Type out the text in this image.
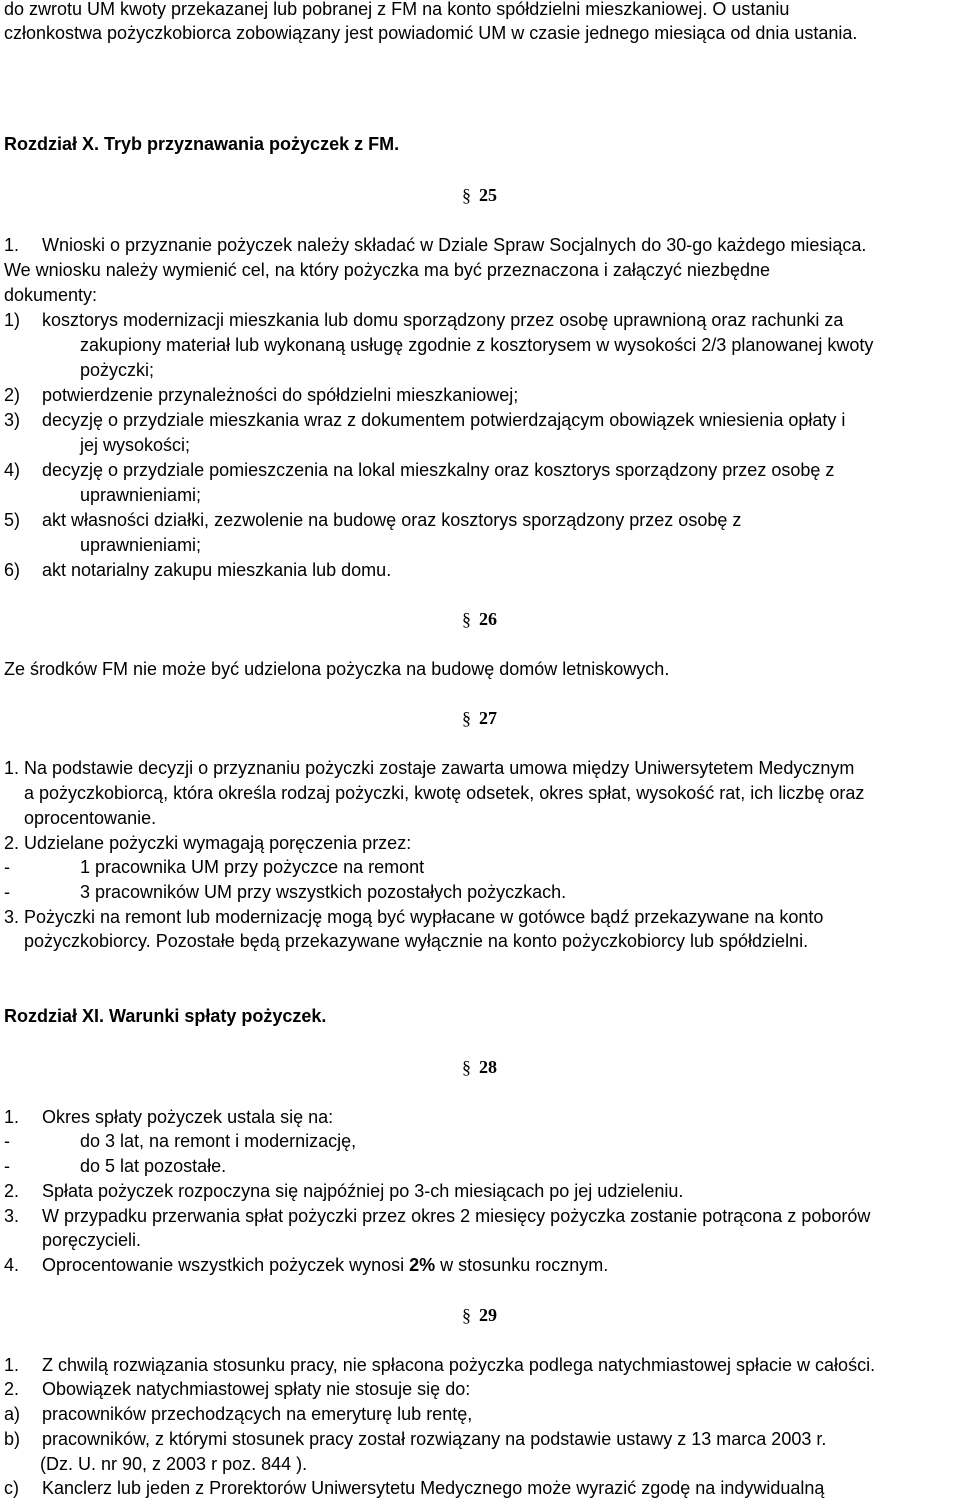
do zwrotu UM kwoty przekazanej lub pobranej z FM na konto spółdzielni mieszkaniowej. O ustaniu
członkostwa pożyczkobiorca zobowiązany jest powiadomić UM w czasie jednego miesiąca od dnia ustania.
Rozdział X. Tryb przyznawania pożyczek z FM.
§ 25
1. Wnioski o przyznanie pożyczek należy składać w Dziale Spraw Socjalnych do 30-go każdego miesiąca.
We wniosku należy wymienić cel, na który pożyczka ma być przeznaczona i załączyć niezbędne
dokumenty:
1) kosztorys modernizacji mieszkania lub domu sporządzony przez osobę uprawnioną oraz rachunki za
zakupiony materiał lub wykonaną usługę zgodnie z kosztorysem w wysokości 2/3 planowanej kwoty
pożyczki;
2) potwierdzenie przynależności do spółdzielni mieszkaniowej;
3) decyzję o przydziale mieszkania wraz z dokumentem potwierdzającym obowiązek wniesienia opłaty i
jej wysokości;
4) decyzję o przydziale pomieszczenia na lokal mieszkalny oraz kosztorys sporządzony przez osobę z
uprawnieniami;
5) akt własności działki, zezwolenie na budowę oraz kosztorys sporządzony przez osobę z
uprawnieniami;
6) akt notarialny zakupu mieszkania lub domu.
§ 26
Ze środków FM nie może być udzielona pożyczka na budowę domów letniskowych.
§ 27
1. Na podstawie decyzji o przyznaniu pożyczki zostaje zawarta umowa między Uniwersytetem Medycznym
a pożyczkobiorcą, która określa rodzaj pożyczki, kwotę odsetek, okres spłat, wysokość rat, ich liczbę oraz
oprocentowanie.
2. Udzielane pożyczki wymagają poręczenia przez:
-	1 pracownika UM przy pożyczce na remont
-	3 pracowników UM przy wszystkich pozostałych pożyczkach.
3. Pożyczki na remont lub modernizację mogą być wypłacane w gotówce bądź przekazywane na konto
pożyczkobiorcy. Pozostałe będą przekazywane wyłącznie na konto pożyczkobiorcy lub spółdzielni.
Rozdział XI. Warunki spłaty pożyczek.
§ 28
1. Okres spłaty pożyczek ustala się na:
-	do 3 lat, na remont i modernizację,
-	do 5 lat pozostałe.
2. Spłata pożyczek rozpoczyna się najpóźniej po 3-ch miesiącach po jej udzieleniu.
3. W przypadku przerwania spłat pożyczki przez okres 2 miesięcy pożyczka zostanie potrącona z poborów
poręczycieli.
4. Oprocentowanie wszystkich pożyczek wynosi 2% w stosunku rocznym.
§ 29
1. Z chwilą rozwiązania stosunku pracy, nie spłacona pożyczka podlega natychmiastowej spłacie w całości.
2. Obowiązek natychmiastowej spłaty nie stosuje się do:
a) pracowników przechodzących na emeryturę lub rentę,
b) pracowników, z którymi stosunek pracy został rozwiązany na podstawie ustawy z 13 marca 2003 r.
(Dz. U. nr 90, z 2003 r poz. 844 ).
c) Kanclerz lub jeden z Prorektorów Uniwersytetu Medycznego może wyrazić zgodę na indywidualną
